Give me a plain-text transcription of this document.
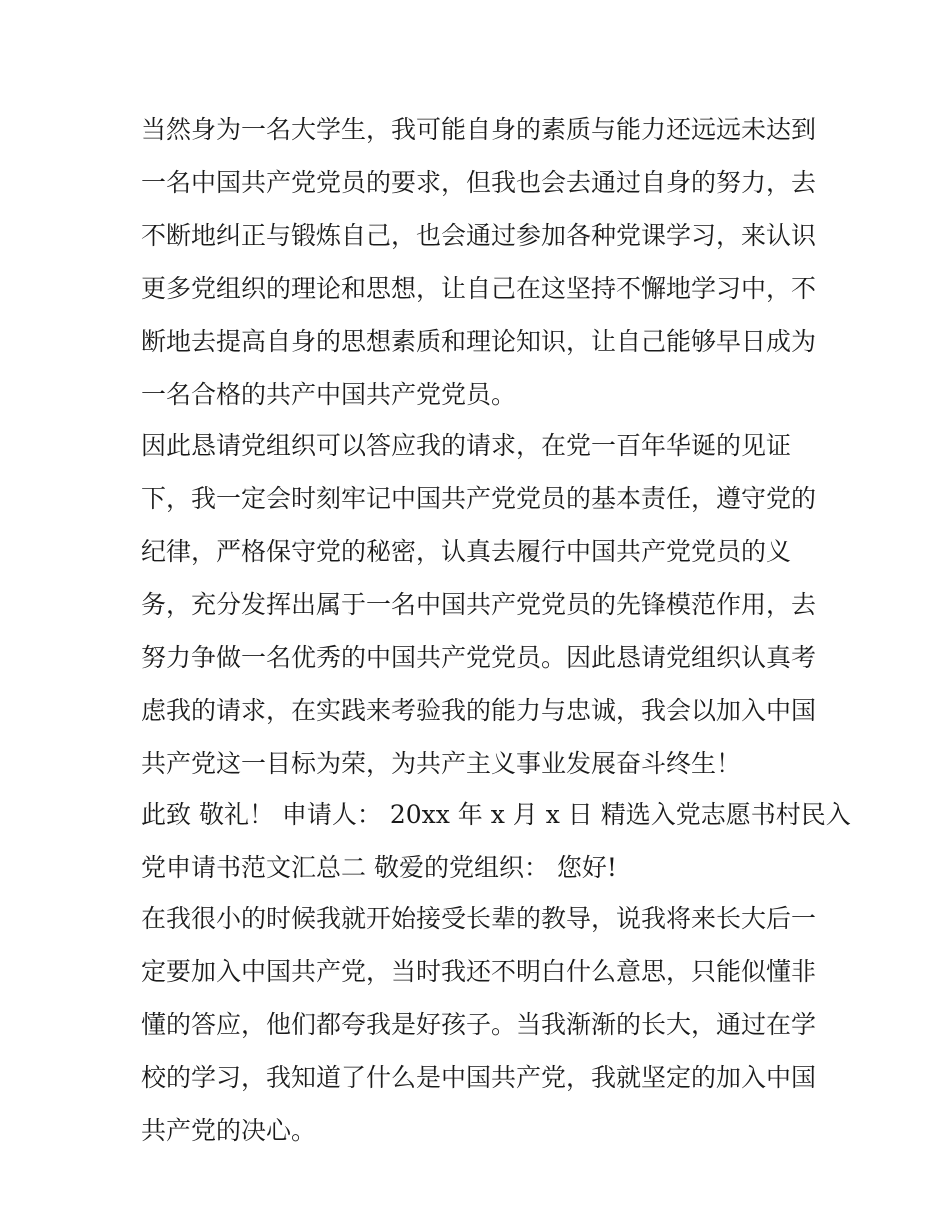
当然身为一名大学生，我可能自身的素质与能力还远远未达到
一名中国共产党党员的要求，但我也会去通过自身的努力，去
不断地纠正与锻炼自己，也会通过参加各种党课学习，来认识
更多党组织的理论和思想，让自己在这坚持不懈地学习中，不
断地去提高自身的思想素质和理论知识，让自己能够早日成为
一名合格的共产中国共产党党员。
因此恳请党组织可以答应我的请求，在党一百年华诞的见证
下，我一定会时刻牢记中国共产党党员的基本责任，遵守党的
纪律，严格保守党的秘密，认真去履行中国共产党党员的义
务，充分发挥出属于一名中国共产党党员的先锋模范作用，去
努力争做一名优秀的中国共产党党员。因此恳请党组织认真考
虑我的请求，在实践来考验我的能力与忠诚，我会以加入中国
共产党这一目标为荣，为共产主义事业发展奋斗终生！
此致 敬礼！ 申请人： 20xx 年 x 月 x 日 精选入党志愿书村民入
党申请书范文汇总二 敬爱的党组织： 您好!
在我很小的时候我就开始接受长辈的教导，说我将来长大后一
定要加入中国共产党，当时我还不明白什么意思，只能似懂非
懂的答应，他们都夸我是好孩子。当我渐渐的长大，通过在学
校的学习，我知道了什么是中国共产党，我就坚定的加入中国
共产党的决心。
